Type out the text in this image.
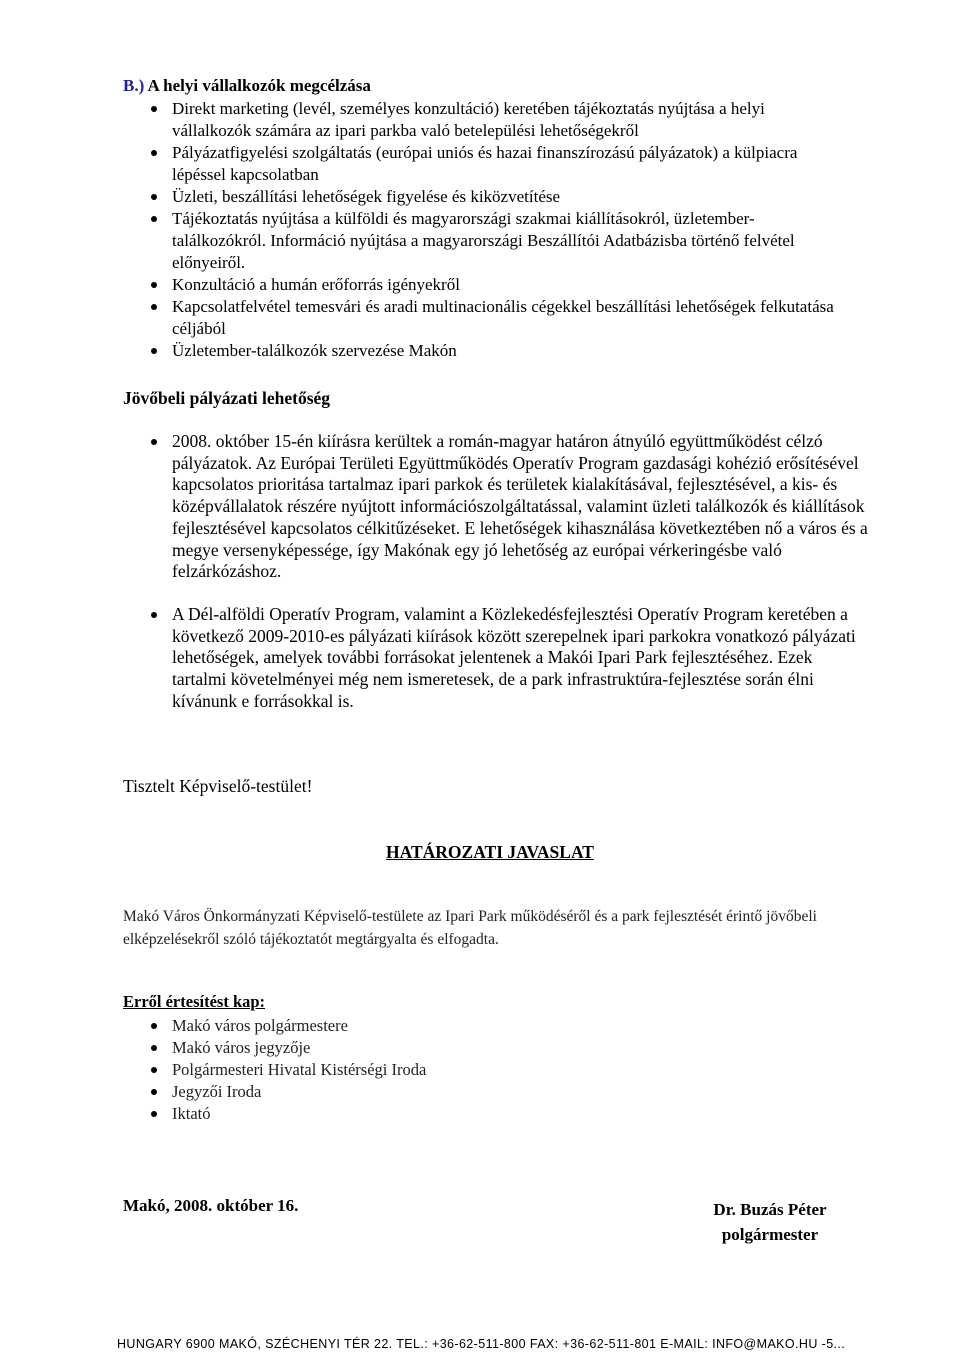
B.) A helyi vállalkozók megcélzása
Direkt marketing (levél, személyes konzultáció) keretében tájékoztatás nyújtása a helyi vállalkozók számára az ipari parkba való betelepülési lehetőségekről
Pályázatfigyelési szolgáltatás (európai uniós és hazai finanszírozású pályázatok) a külpiacra lépéssel kapcsolatban
Üzleti, beszállítási lehetőségek figyelése és kiközvetítése
Tájékoztatás nyújtása a külföldi és magyarországi szakmai kiállításokról, üzletember-találkozókról. Információ nyújtása a magyarországi Beszállítói Adatbázisba történő felvétel előnyeiről.
Konzultáció a humán erőforrás igényekről
Kapcsolatfelvétel temesvári és aradi multinacionális cégekkel beszállítási lehetőségek felkutatása céljából
Üzletember-találkozók szervezése Makón
Jövőbeli pályázati lehetőség
2008. október 15-én kiírásra kerültek a román-magyar határon átnyúló együttműködést célzó pályázatok. Az Európai Területi Együttműködés Operatív Program gazdasági kohézió erősítésével kapcsolatos prioritása tartalmaz ipari parkok és területek kialakításával, fejlesztésével, a kis- és középvállalatok részére nyújtott információszolgáltatással, valamint üzleti találkozók és kiállítások fejlesztésével kapcsolatos célkitűzéseket. E lehetőségek kihasználása következtében nő a város és a megye versenyképessége, így Makónak egy jó lehetőség az európai vérkeringésbe való felzárkózáshoz.
A Dél-alföldi Operatív Program, valamint a Közlekedésfejlesztési Operatív Program keretében a következő 2009-2010-es pályázati kiírások között szerepelnek ipari parkokra vonatkozó pályázati lehetőségek, amelyek további forrásokat jelentenek a Makói Ipari Park fejlesztéséhez. Ezek tartalmi követelményei még nem ismeretesek, de a park infrastruktúra-fejlesztése során élni kívánunk e forrásokkal is.
Tisztelt Képviselő-testület!
HATÁROZATI JAVASLAT
Makó Város Önkormányzati Képviselő-testülete az Ipari Park működéséről és a park fejlesztését érintő jövőbeli elképzelésekről szóló tájékoztatót megtárgyalta és elfogadta.
Erről értesítést kap:
Makó város polgármestere
Makó város jegyzője
Polgármesteri Hivatal Kistérségi Iroda
Jegyzői Iroda
Iktató
Makó, 2008. október 16.	Dr. Buzás Péter
polgármester
HUNGARY 6900 MAKÓ, SZÉCHENYI TÉR 22. TEL.: +36-62-511-800 FAX: +36-62-511-801 E-MAIL: INFO@MAKO.HU -5...
